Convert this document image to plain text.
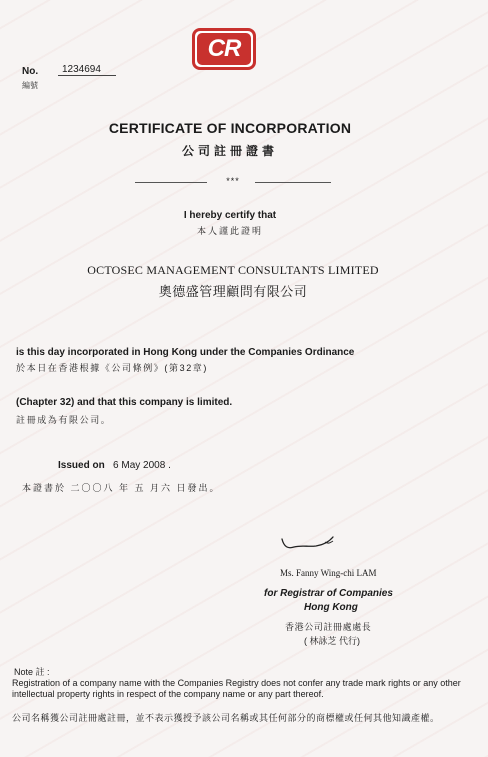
CR
No.	1234694
編號
CERTIFICATE OF INCORPORATION
公司註冊證書
***
I hereby certify that
本人謹此證明
OCTOSEC MANAGEMENT CONSULTANTS LIMITED
奧德盛管理顧問有限公司
is this day incorporated in Hong Kong under the Companies Ordinance
於本日在香港根據《公司條例》(第32章)
(Chapter 32) and that this company is limited.
註冊成為有限公司。
Issued on 6 May 2008 .
本證書於 二〇〇八 年 五 月六 日發出。
Ms. Fanny Wing-chi LAM
for Registrar of Companies
Hong Kong
香港公司註冊處處長
( 林詠芝 代行)
Note 註 :
Registration of a company name with the Companies Registry does not confer any trade mark rights or any other intellectual property rights in respect of the company name or any part thereof.
公司名稱獲公司註冊處註冊，並不表示獲授予該公司名稱或其任何部分的商標權或任何其他知識產權。
